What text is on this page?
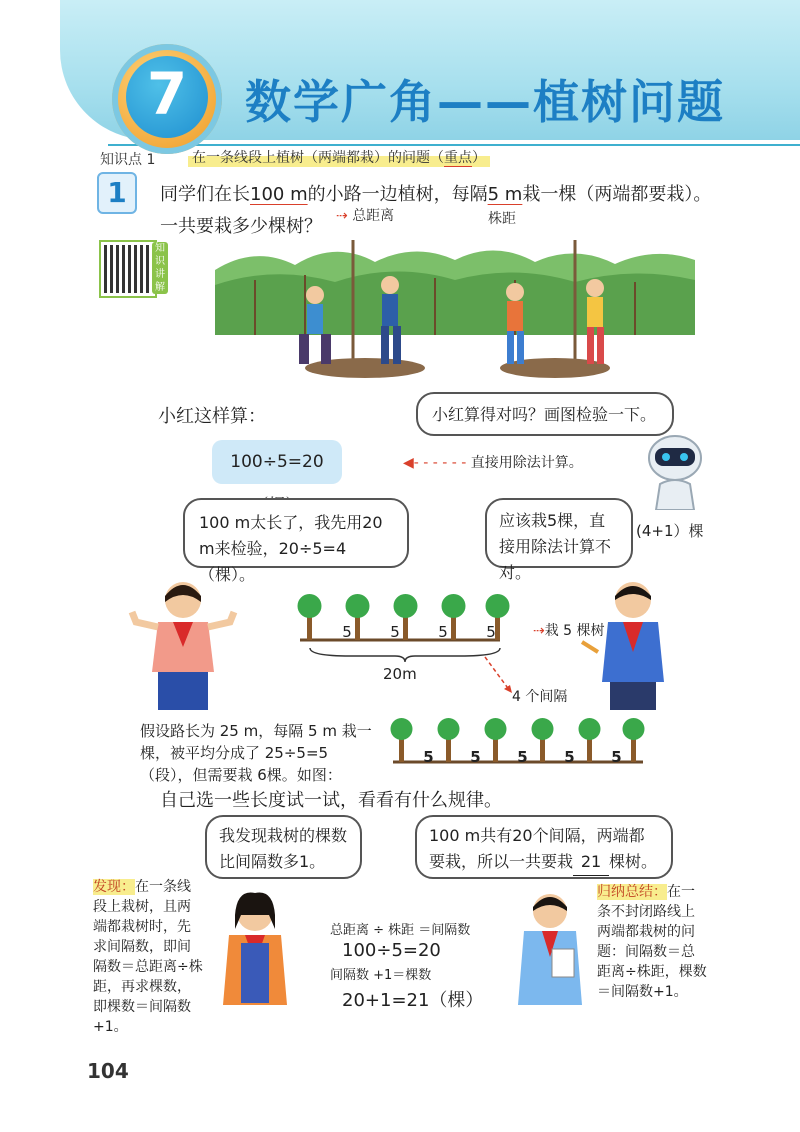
7	数学广角——植树问题
知识点 1	在一条线段上植树（两端都栽）的问题（重点）
1	同学们在长100 m的小路一边植树，每隔5 m栽一棵（两端都要栽）。
一共要栽多少棵树？ ⇢ 总距离	株距
知识讲解
小红这样算：	小红算得对吗？画图检验一下。
100÷5=20	◀- - - - - - 直接用除法计算。
100 m太长了，我先用20 m来检验，20÷5=4（棵）。
应该栽5棵，直接用除法计算不对。
(4+1）棵
5	5	5	5	⇢栽 5 棵树
20m
4 个间隔
假设路长为 25 m，每隔 5 m 栽一棵，被平均分成了 25÷5=5（段），但需要栽 6棵。如图：
5	5	5	5	5
自己选一些长度试一试，看看有什么规律。
我发现栽树的棵数比间隔数多1。
100 m共有20个间隔，两端都要栽，所以一共要栽 21 棵树。
发现：在一条线段上栽树，且两端都栽树时，先求间隔数，即间隔数＝总距离÷株距，再求棵数，即棵数＝间隔数+1。
总距离 ÷ 株距 ＝间隔数
100÷5=20
间隔数 +1＝棵数
20+1=21（棵）
归纳总结：在一条不封闭路线上两端都栽树的问题：间隔数＝总距离÷株距，棵数＝间隔数+1。
104
